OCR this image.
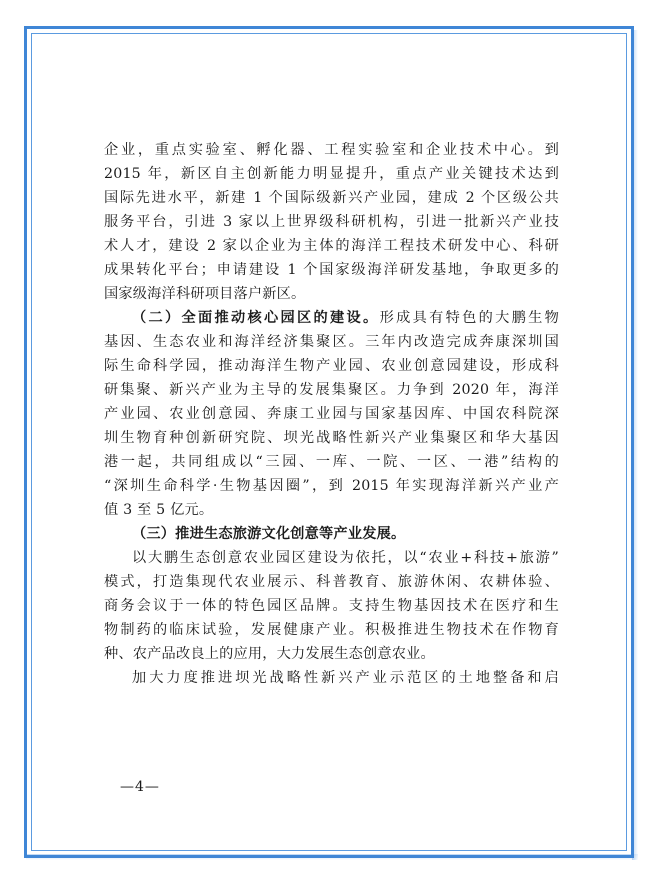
企业，重点实验室、孵化器、工程实验室和企业技术中心。到
2015 年，新区自主创新能力明显提升，重点产业关键技术达到
国际先进水平，新建 1 个国际级新兴产业园，建成 2 个区级公共
服务平台，引进 3 家以上世界级科研机构，引进一批新兴产业技
术人才，建设 2 家以企业为主体的海洋工程技术研发中心、科研
成果转化平台；申请建设 1 个国家级海洋研发基地，争取更多的
国家级海洋科研项目落户新区。
（二）全面推动核心园区的建设。形成具有特色的大鹏生物
基因、生态农业和海洋经济集聚区。三年内改造完成奔康深圳国
际生命科学园，推动海洋生物产业园、农业创意园建设，形成科
研集聚、新兴产业为主导的发展集聚区。力争到 2020 年，海洋
产业园、农业创意园、奔康工业园与国家基因库、中国农科院深
圳生物育种创新研究院、坝光战略性新兴产业集聚区和华大基因
港一起，共同组成以“三园、一库、一院、一区、一港”结构的
“深圳生命科学·生物基因圈”，到 2015 年实现海洋新兴产业产
值 3 至 5 亿元。
（三）推进生态旅游文化创意等产业发展。
以大鹏生态创意农业园区建设为依托，以“农业+科技+旅游”
模式，打造集现代农业展示、科普教育、旅游休闲、农耕体验、
商务会议于一体的特色园区品牌。支持生物基因技术在医疗和生
物制药的临床试验，发展健康产业。积极推进生物技术在作物育
种、农产品改良上的应用，大力发展生态创意农业。
加大力度推进坝光战略性新兴产业示范区的土地整备和启
—4—
